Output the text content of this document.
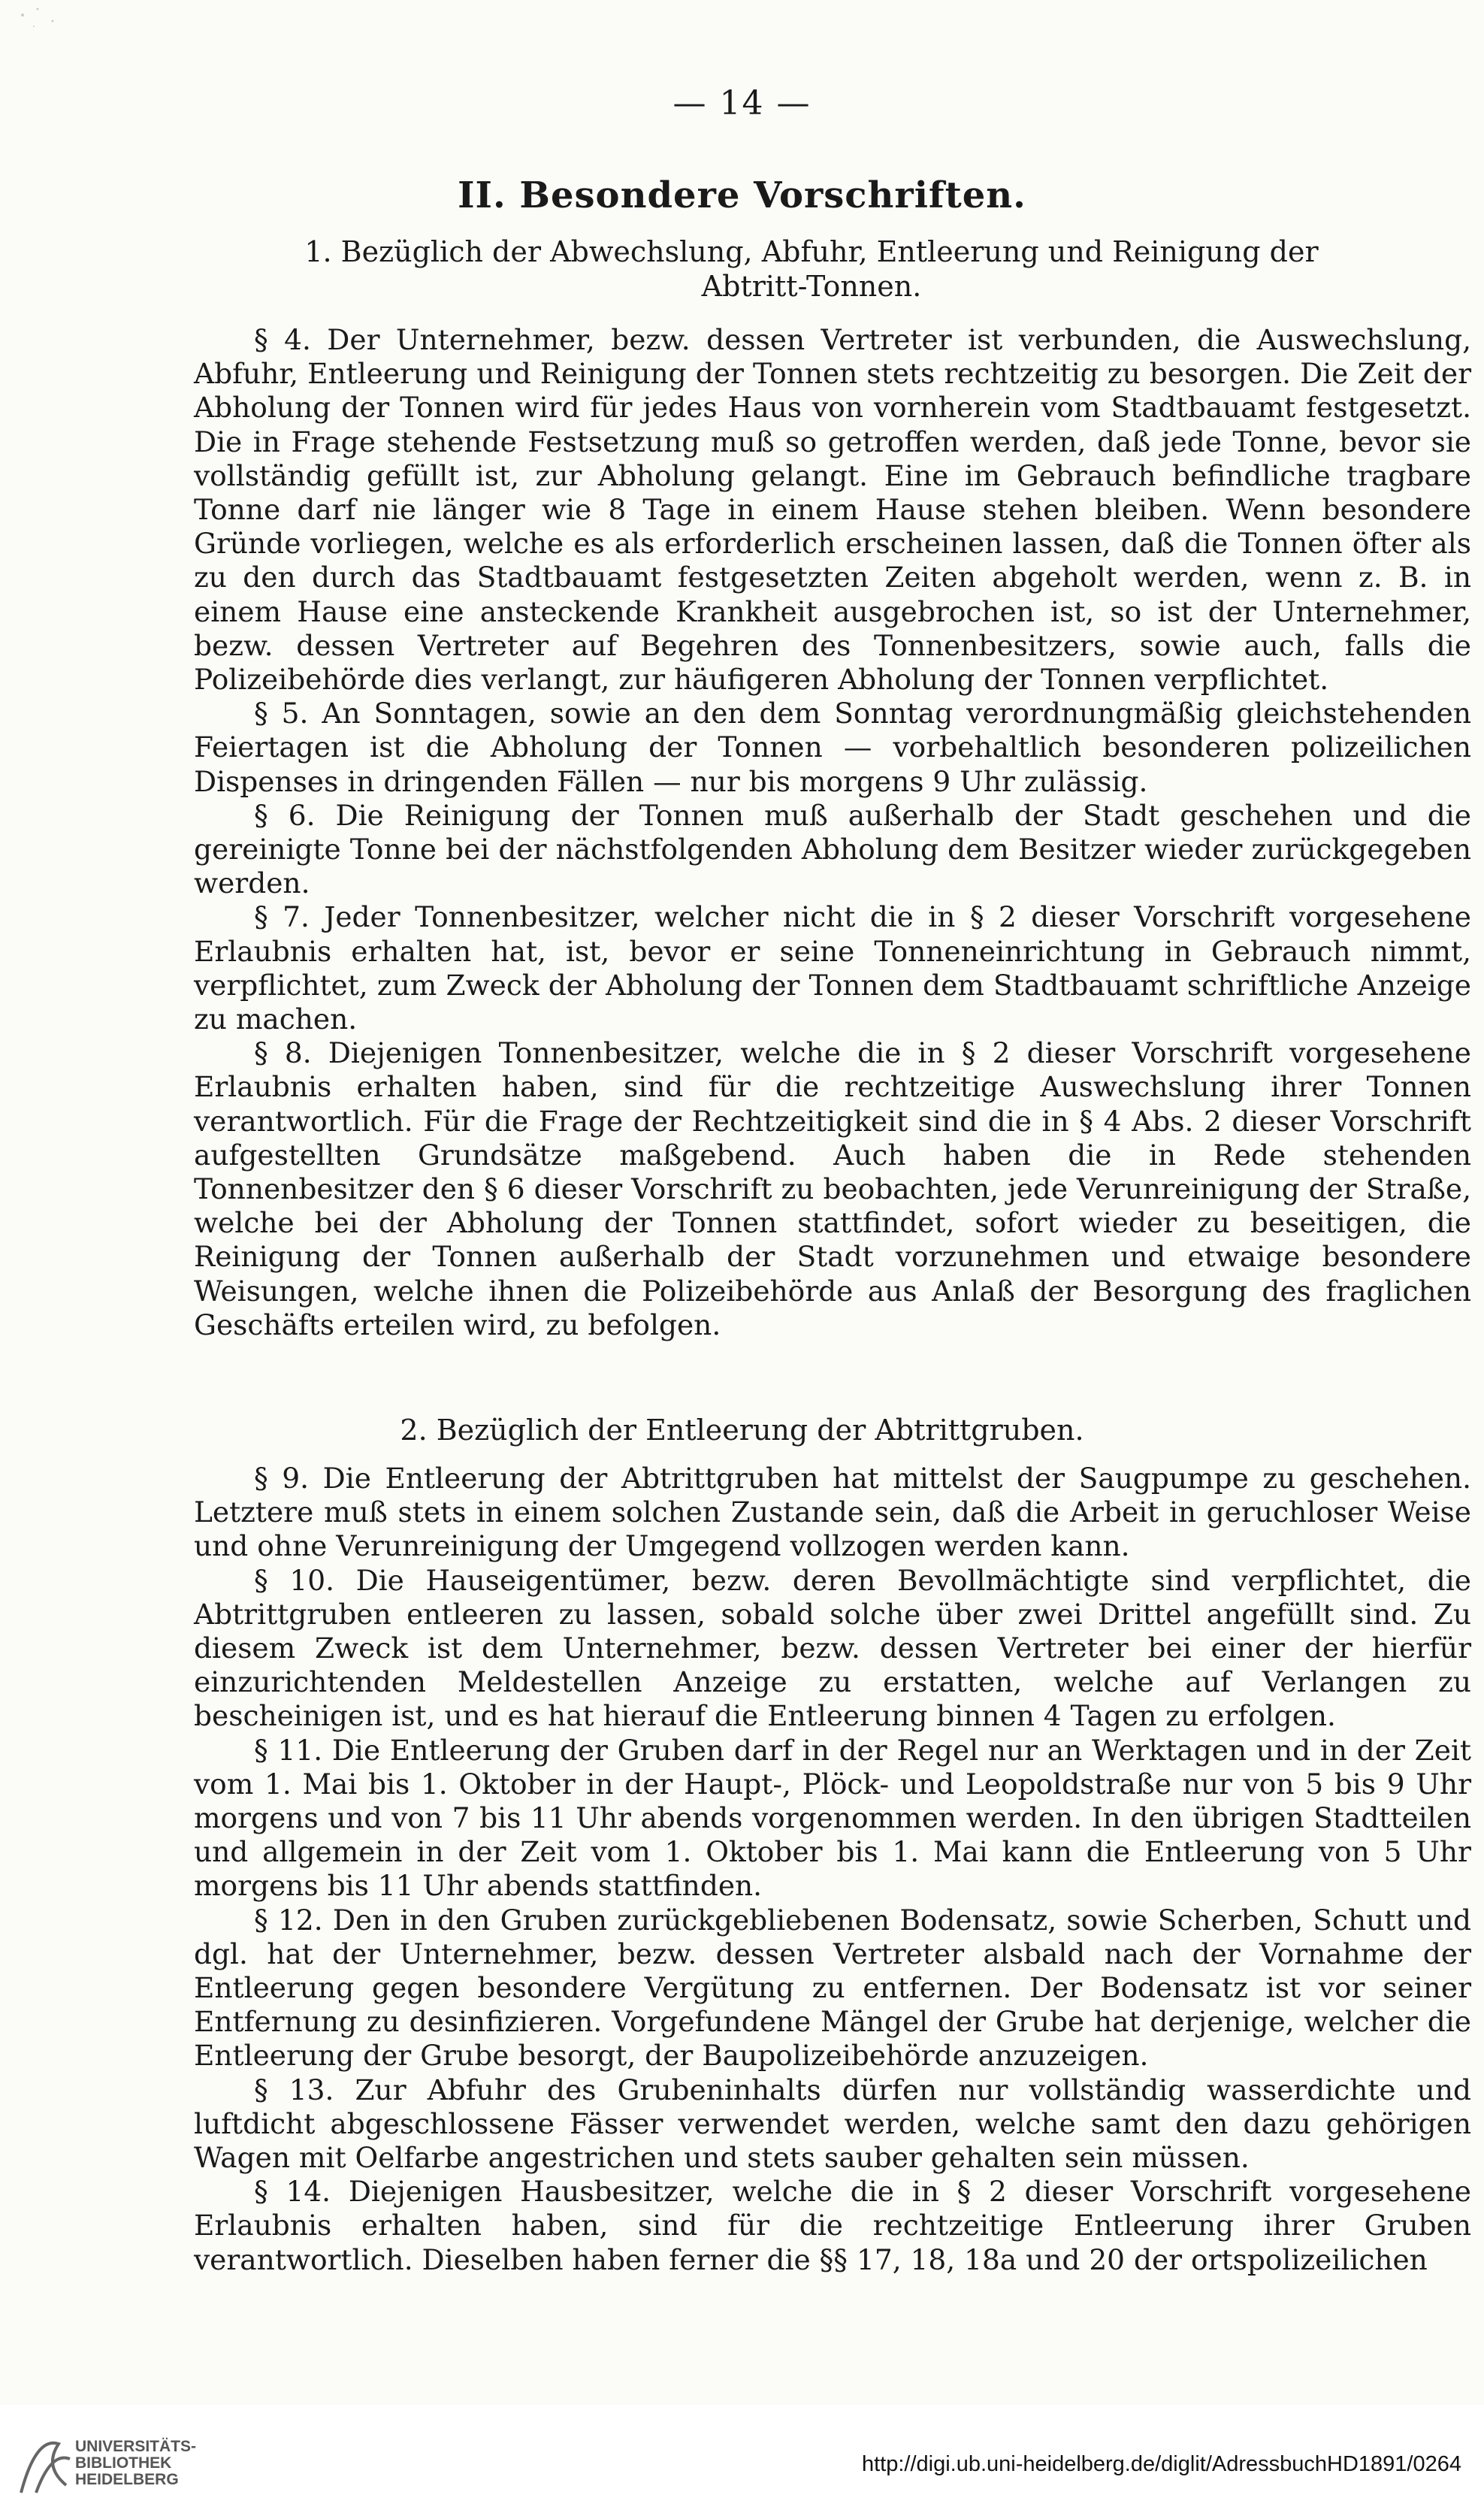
— 14 —
II. Besondere Vorschriften.
1. Bezüglich der Abwechslung, Abfuhr, Entleerung und Reinigung der Abtritt-Tonnen.

§ 4. Der Unternehmer, bezw. dessen Vertreter ist verbunden, die Auswechslung, Abfuhr, Entleerung und Reinigung der Tonnen stets rechtzeitig zu besorgen. Die Zeit der Abholung der Tonnen wird für jedes Haus von vornherein vom Stadtbauamt festgesetzt. Die in Frage stehende Festsetzung muß so getroffen werden, daß jede Tonne, bevor sie vollständig gefüllt ist, zur Abholung gelangt. Eine im Gebrauch befindliche tragbare Tonne darf nie länger wie 8 Tage in einem Hause stehen bleiben. Wenn besondere Gründe vorliegen, welche es als erforderlich erscheinen lassen, daß die Tonnen öfter als zu den durch das Stadtbauamt festgesetzten Zeiten abgeholt werden, wenn z. B. in einem Hause eine ansteckende Krankheit ausgebrochen ist, so ist der Unternehmer, bezw. dessen Vertreter auf Begehren des Tonnenbesitzers, sowie auch, falls die Polizeibehörde dies verlangt, zur häufigeren Abholung der Tonnen verpflichtet.

§ 5. An Sonntagen, sowie an den dem Sonntag verordnungmäßig gleichstehenden Feiertagen ist die Abholung der Tonnen — vorbehaltlich besonderen polizeilichen Dispenses in dringenden Fällen — nur bis morgens 9 Uhr zulässig.

§ 6. Die Reinigung der Tonnen muß außerhalb der Stadt geschehen und die gereinigte Tonne bei der nächstfolgenden Abholung dem Besitzer wieder zurückgegeben werden.

§ 7. Jeder Tonnenbesitzer, welcher nicht die in § 2 dieser Vorschrift vorgesehene Erlaubnis erhalten hat, ist, bevor er seine Tonneneinrichtung in Gebrauch nimmt, verpflichtet, zum Zweck der Abholung der Tonnen dem Stadtbauamt schriftliche Anzeige zu machen.

§ 8. Diejenigen Tonnenbesitzer, welche die in § 2 dieser Vorschrift vorgesehene Erlaubnis erhalten haben, sind für die rechtzeitige Auswechslung ihrer Tonnen verantwortlich. Für die Frage der Rechtzeitigkeit sind die in § 4 Abs. 2 dieser Vorschrift aufgestellten Grundsätze maßgebend. Auch haben die in Rede stehenden Tonnenbesitzer den § 6 dieser Vorschrift zu beobachten, jede Verunreinigung der Straße, welche bei der Abholung der Tonnen stattfindet, sofort wieder zu beseitigen, die Reinigung der Tonnen außerhalb der Stadt vorzunehmen und etwaige besondere Weisungen, welche ihnen die Polizeibehörde aus Anlaß der Besorgung des fraglichen Geschäfts erteilen wird, zu befolgen.

2. Bezüglich der Entleerung der Abtrittgruben.

§ 9. Die Entleerung der Abtrittgruben hat mittelst der Saugpumpe zu geschehen. Letztere muß stets in einem solchen Zustande sein, daß die Arbeit in geruchloser Weise und ohne Verunreinigung der Umgegend vollzogen werden kann.

§ 10. Die Hauseigentümer, bezw. deren Bevollmächtigte sind verpflichtet, die Abtrittgruben entleeren zu lassen, sobald solche über zwei Drittel angefüllt sind. Zu diesem Zweck ist dem Unternehmer, bezw. dessen Vertreter bei einer der hierfür einzurichtenden Meldestellen Anzeige zu erstatten, welche auf Verlangen zu bescheinigen ist, und es hat hierauf die Entleerung binnen 4 Tagen zu erfolgen.

§ 11. Die Entleerung der Gruben darf in der Regel nur an Werktagen und in der Zeit vom 1. Mai bis 1. Oktober in der Haupt-, Plöck- und Leopoldstraße nur von 5 bis 9 Uhr morgens und von 7 bis 11 Uhr abends vorgenommen werden. In den übrigen Stadtteilen und allgemein in der Zeit vom 1. Oktober bis 1. Mai kann die Entleerung von 5 Uhr morgens bis 11 Uhr abends stattfinden.

§ 12. Den in den Gruben zurückgebliebenen Bodensatz, sowie Scherben, Schutt und dgl. hat der Unternehmer, bezw. dessen Vertreter alsbald nach der Vornahme der Entleerung gegen besondere Vergütung zu entfernen. Der Bodensatz ist vor seiner Entfernung zu desinfizieren. Vorgefundene Mängel der Grube hat derjenige, welcher die Entleerung der Grube besorgt, der Baupolizeibehörde anzuzeigen.

§ 13. Zur Abfuhr des Grubeninhalts dürfen nur vollständig wasserdichte und luftdicht abgeschlossene Fässer verwendet werden, welche samt den dazu gehörigen Wagen mit Oelfarbe angestrichen und stets sauber gehalten sein müssen.

§ 14. Diejenigen Hausbesitzer, welche die in § 2 dieser Vorschrift vorgesehene Erlaubnis erhalten haben, sind für die rechtzeitige Entleerung ihrer Gruben verantwortlich. Dieselben haben ferner die §§ 17, 18, 18a und 20 der ortspolizeilichen

UNIVERSITÄTS-
BIBLIOTHEK
HEIDELBERG
http://digi.ub.uni-heidelberg.de/diglit/AdressbuchHD1891/0264
